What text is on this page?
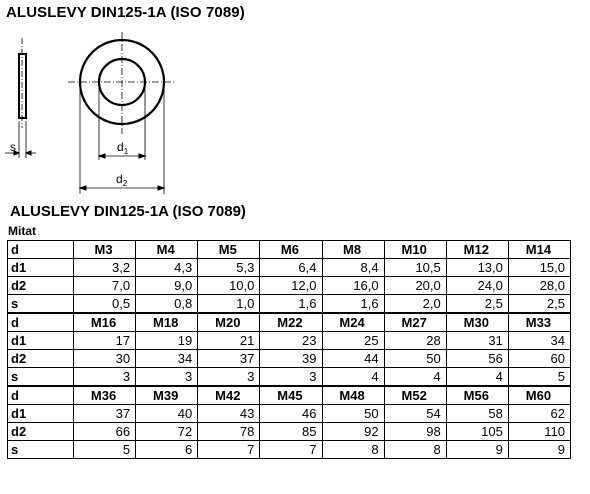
ALUSLEVY DIN125-1A (ISO 7089)
s	$d_1$
$d_2$
ALUSLEVY DIN125-1A (ISO 7089)
Mitat
d	M3	M4	M5	M6	M8	M10	M12	M14
d1	3,2	4,3	5,3	6,4	8,4	10,5	13,0	15,0
d2	7,0	9,0	10,0	12,0	16,0	20,0	24,0	28,0
s	0,5	0,8	1,0	1,6	1,6	2,0	2,5	2,5
d	M16	M18	M20	M22	M24	M27	M30	M33
d1	17	19	21	23	25	28	31	34
d2	30	34	37	39	44	50	56	60
s	3	3	3	3	4	4	4	5
d	M36	M39	M42	M45	M48	M52	M56	M60
d1	37	40	43	46	50	54	58	62
d2	66	72	78	85	92	98	105	110
s	5	6	7	7	8	8	9	9
